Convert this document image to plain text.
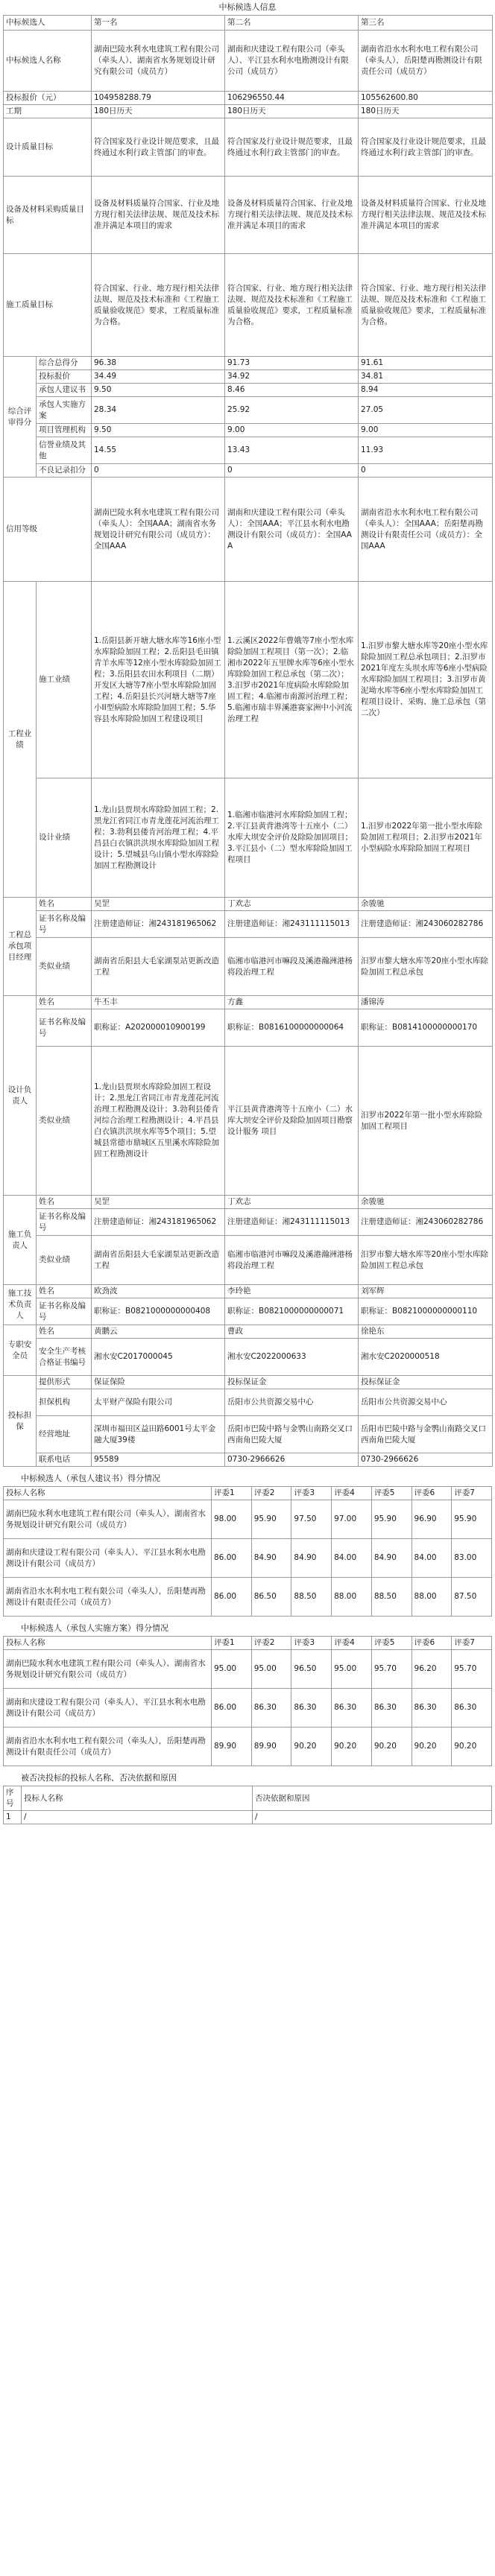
中标候选人信息
中标候选人		第一名	第二名	第三名
中标候选人名称		湖南巴陵水利水电建筑工程有限公司（牵头人）、湖南省水务规划设计研究有限公司（成员方）	湖南和庆建设工程有限公司（牵头人）、平江县水利水电勘测设计有限公司（成员方）	湖南省沿水水利水电工程有限公司（牵头人），岳阳楚再勘测设计有限责任公司（成员方）
投标报价（元）		104958288.79	106296550.44	105562600.80
工期		180日历天	180日历天	180日历天
设计质量目标		符合国家及行业设计规范要求，且最终通过水利行政主管部门的审查。	符合国家及行业设计规范要求，且最终通过水利行政主管部门的审查。	符合国家及行业设计规范要求，且最终通过水利行政主管部门的审查。
设备及材料采购质量目标		设备及材料质量符合国家、行业及地方现行相关法律法规、规范及技术标准并满足本项目的需求	设备及材料质量符合国家、行业及地方现行相关法律法规、规范及技术标准并满足本项目的需求	设备及材料质量符合国家、行业及地方现行相关法律法规、规范及技术标准并满足本项目的需求
施工质量目标		符合国家、行业、地方现行相关法律法规、规范及技术标准和《工程施工质量验收规范》要求，工程质量标准为合格。	符合国家、行业、地方现行相关法律法规、规范及技术标准和《工程施工质量验收规范》要求，工程质量标准为合格。	符合国家、行业、地方现行相关法律法规、规范及技术标准和《工程施工质量验收规范》要求，工程质量标准为合格。
综合评审得分	综合总得分	96.38	91.73	91.61
	投标报价	34.49	34.92	34.81
	承包人建议书	9.50	8.46	8.94
	承包人实施方案	28.34	25.92	27.05
	项目管理机构	9.50	9.00	9.00
	信誉业绩及其他	14.55	13.43	11.93
	不良记录扣分	0	0	0
信用等级		湖南巴陵水利水电建筑工程有限公司（牵头人）：全国AAA；湖南省水务规划设计研究有限公司（成员方）：全国AAA	湖南和庆建设工程有限公司（牵头人）：全国AAA；平江县水利水电勘测设计有限公司（成员方）：全国AAA	湖南省沿水水利水电工程有限公司（牵头人）：全国AAA；岳阳楚再勘测设计有限责任公司（成员方）：全国AAA
工程业绩	施工业绩	1.岳阳县新开塘大塘水库等16座小型水库除险加固工程；2.岳阳县毛田镇青羊水库等12座小型水库除险加固工程；3.岳阳县农田水利项目（二期）开发区大塘等7座小型水库除险加固工程；4.岳阳县长兴河塘大塘等7座小II型病险水库除险加固工程；5.华容县水库除险加固工程建设项目	1.云溪区2022年曹娥等7座小型水库除险加固工程项目（第一次）；2.临湘市2022年五里牌水库等6座小型水库除险加固工程总承包（第二次）；3.汨罗市2021年度病险水库除险加固工程；4.临湘市南源河治理工程；5.临湘市瑞丰界溪港赛家洲中小河流治理工程	1.汨罗市黎大塘水库等20座小型水库除险加固工程总承包项目；2.汨罗市2021年度左头坝水库等6座小型病险水库除险加固工程项目；3.汨罗市黄泥坳水库等6座小型水库除险加固工程项目设计、采购、施工总承包（第二次）
	设计业绩	1.龙山县贾坝水库除险加固工程；2.黑龙江省同江市青龙莲花河流治理工程；3.勃利县倭肯河治理工程；4.平昌县白衣镇洪洪坝水库除险加固工程设计；5.望城县乌山镇小型水库除险加固工程勘测设计	1.临湘市临港河水库除险加固工程；2.平江县黄背港湾等十五座小（二）水库大坝安全评价及除险加固项目；3.平江县小（二）型水库除险加固工程项目	1.汨罗市2022年第一批小型水库除险加固工程项目；2.汨罗市2021年小型病险水库除险加固工程项目
工程总承包项目经理	姓名	吴罡	丁欢志	余骏驰
	证书名称及编号	注册建造师证：湘243181965062	注册建造师证：湘243111115013	注册建造师证：湘243060282786
	类似业绩	湖南省岳阳县大毛家湖泵站更新改造工程	临湘市临港河市嘛段及溪港瀚洲港杨将段治理工程	汨罗市黎大塘水库等20座小型水库除险加固工程总承包
设计负责人	姓名	牛丕丰	方鑫	潘锦涛
	证书名称及编号	职称证：A202000010900199	职称证：B0816100000000064	职称证：B0814100000000170
	类似业绩	1.龙山县贾坝水库除险加固工程设计；2.黑龙江省同江市青龙莲花河流治理工程勘测及设计；3.勃利县倭肯河综合治理工程勘测设计；4.平昌县白衣镇洪洪坝水库等5个项目；5.望城县常德市鼎城区五里溪水库除险加固工程勘测设计	平江县黄背港湾等十五座小（二）水库大坝安全评价及除险加固项目勘察设计服务 项目	汨罗市2022年第一批小型水库除险加固工程项目
施工负责人	姓名	吴罡	丁欢志	余骏驰
	证书名称及编号	注册建造师证：湘243181965062	注册建造师证：湘243111115013	注册建造师证：湘243060282786
	类似业绩	湖南省岳阳县大毛家湖泵站更新改造工程	临湘市临港河市嘛段及溪港瀚洲港杨将段治理工程	汨罗市黎大塘水库等20座小型水库除险加固工程总承包
施工技术负责人	姓名	欧劲波	李玲艳	刘军辉
	证书名称及编号	职称证：B0821000000000408	职称证：B0821000000000071	职称证：B0821000000000110
专职安全员	姓名	黄鹏云	曹政	徐艳东
	安全生产考核合格证书编号	湘水安C2017000045	湘水安C2022000633	湘水安C2020000518
投标担保	提供形式	保证保险	投标保证金	投标保证金
	担保机构	太平财产保险有限公司	岳阳市公共资源交易中心	岳阳市公共资源交易中心
	经营地址	深圳市福田区益田路6001号太平金融大厦39楼	岳阳市巴陵中路与金鹗山南路交叉口西南角巴陵大厦	岳阳市巴陵中路与金鹗山南路交叉口西南角巴陵大厦
	联系电话	95589	0730-2966626	0730-2966626
中标候选人（承包人建议书）得分情况
投标人名称	评委1	评委2	评委3	评委4	评委5	评委6	评委7
湖南巴陵水利水电建筑工程有限公司（牵头人）、湖南省水务规划设计研究有限公司（成员方）	98.00	95.90	97.50	97.00	95.90	96.90	95.90
湖南和庆建设工程有限公司（牵头人）、平江县水利水电勘测设计有限公司（成员方）	86.00	84.90	84.90	84.00	84.90	84.00	83.00
湖南省沿水水利水电工程有限公司（牵头人），岳阳楚再勘测设计有限责任公司（成员方）	86.00	86.50	88.50	88.00	88.50	88.00	87.50
中标候选人（承包人实施方案）得分情况
投标人名称	评委1	评委2	评委3	评委4	评委5	评委6	评委7
湖南巴陵水利水电建筑工程有限公司（牵头人）、湖南省水务规划设计研究有限公司（成员方）	95.00	95.00	96.50	95.00	95.70	96.20	95.70
湖南和庆建设工程有限公司（牵头人）、平江县水利水电勘测设计有限公司（成员方）	86.00	86.30	86.30	86.30	86.30	86.30	86.30
湖南省沿水水利水电工程有限公司（牵头人），岳阳楚再勘测设计有限责任公司（成员方）	89.90	89.90	90.20	90.20	90.20	90.20	90.20
被否决投标的投标人名称、否决依据和原因
序号	投标人名称	否决依据和原因
1	/	/
